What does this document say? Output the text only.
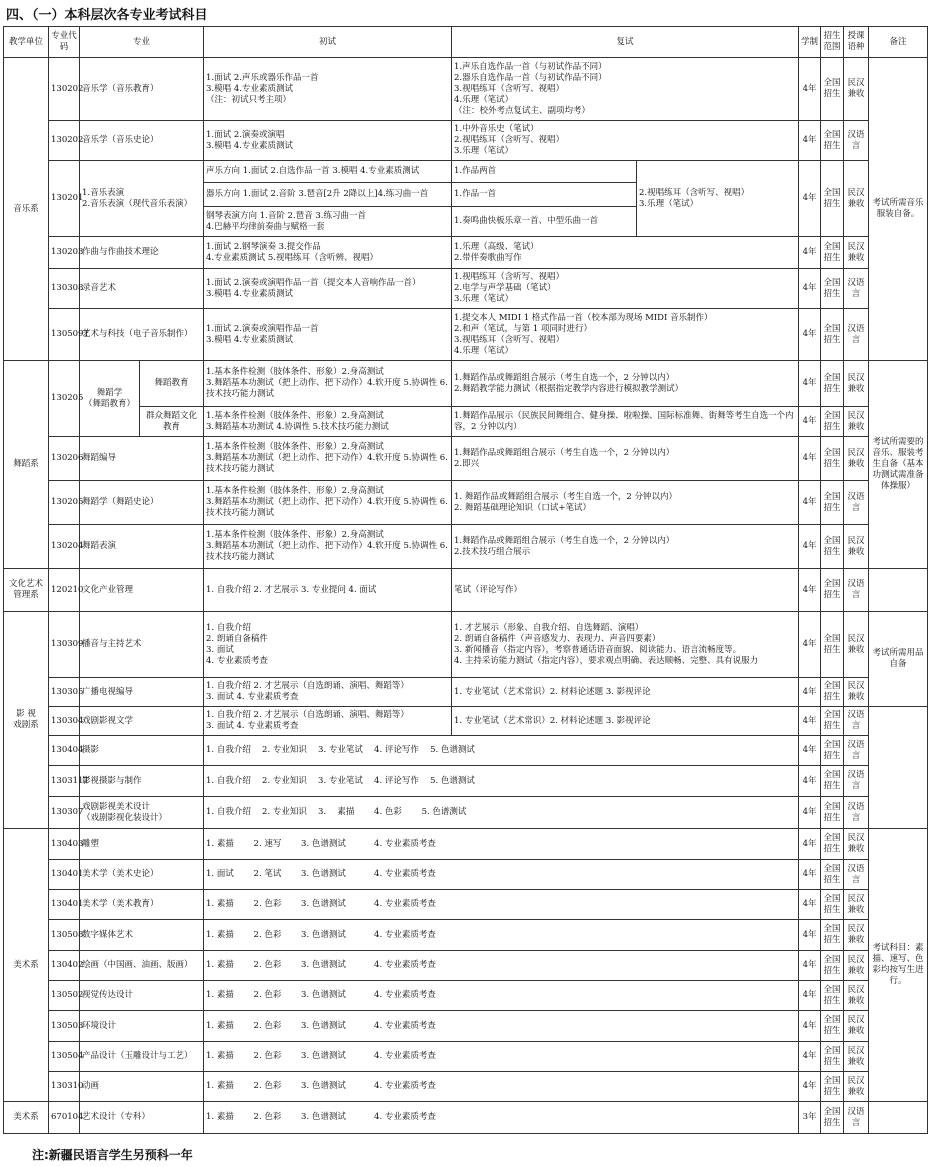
四、（一）本科层次各专业考试科目
教学单位	专业代码	专业		初试	复试		学制	招生范围	授课语种	备注
音乐系	130202	音乐学（音乐教育）		1.面试 2.声乐或器乐作品一首
3.模唱 4.专业素质测试
（注：初试只考主项）	1.声乐自选作品一首（与初试作品不同）
2.器乐自选作品一首（与初试作品不同）
3.视唱练耳（含听写、视唱）
4.乐理（笔试）
（注：校外考点复试主、副项均考）		4年	全国招生	民汉兼收	考试所需音乐服装自备。
	130202	音乐学（音乐史论）		1.面试 2.演奏或演唱
3.模唱 4.专业素质测试	1.中外音乐史（笔试）
2.视唱练耳（含听写、视唱）
3.乐理（笔试）		4年	全国招生	汉语言	
	130201	1.音乐表演
2.音乐表演（现代音乐表演）		声乐方向 1.面试 2.自选作品一首 3.模唱 4.专业素质测试	1.作品两首	2.视唱练耳（含听写、视唱）
3.乐理（笔试）	4年	全国招生	民汉兼收	
				器乐方向 1.面试 2.音阶 3.琶音[2升 2降以上]4.练习曲一首	1.作品一首					
				钢琴表演方向 1.音阶 2.琶音 3.练习曲一首
4.巴赫平均律前奏曲与赋格一套	1.奏鸣曲快板乐章一首、中型乐曲一首					
	130203	作曲与作曲技术理论		1.面试 2.钢琴演奏 3.提交作品
4.专业素质测试 5.视唱练耳（含听辨、视唱）	1.乐理（高级、笔试）
2.带伴奏歌曲写作		4年	全国招生	民汉兼收	
	130308	录音艺术		1.面试 2.演奏或演唱作品一首（提交本人音响作品一首）
3.模唱 4.专业素质测试	1.视唱练耳（含听写、视唱）
2.电学与声学基础（笔试）
3.乐理（笔试）		4年	全国招生	汉语言	
	130509T	艺术与科技（电子音乐制作）		1.面试 2.演奏或演唱作品一首
3.模唱 4.专业素质测试	1.提交本人 MIDI 1 格式作品一首（校本部为现场 MIDI 音乐制作）
2.和声（笔试，与第 1 项同时进行）
3.视唱练耳（含听写、视唱）
4.乐理（笔试）		4年	全国招生	汉语言	
舞蹈系	130205	舞蹈学
（舞蹈教育）	舞蹈教育	1.基本条件检测（肢体条件、形象）2.身高测试
3.舞蹈基本功测试（把上动作、把下动作）4.软开度 5.协调性 6.技术技巧能力测试	1.舞蹈作品或舞蹈组合展示（考生自选一个，2 分钟以内）
2.舞蹈教学能力测试（根据指定教学内容进行模拟教学测试）		4年	全国招生	民汉兼收	考试所需要的音乐、服装考生自备（基本功测试需准备体操服）
			群众舞蹈文化教育	1.基本条件检测（肢体条件、形象）2.身高测试
3.舞蹈基本功测试 4.协调性 5.技术技巧能力测试	1.舞蹈作品展示（民族民间舞组合、健身操、啦啦操、国际标准舞、街舞等考生自选一个内容，2 分钟以内）		4年	全国招生	民汉兼收	
	130206	舞蹈编导		1.基本条件检测（肢体条件、形象）2.身高测试
3.舞蹈基本功测试（把上动作、把下动作）4.软开度 5.协调性 6.技术技巧能力测试	1.舞蹈作品或舞蹈组合展示（考生自选一个，2 分钟以内）
2.即兴		4年	全国招生	民汉兼收	
	130205	舞蹈学（舞蹈史论）		1.基本条件检测（肢体条件、形象）2.身高测试
3.舞蹈基本功测试（把上动作、把下动作）4.软开度 5.协调性 6.技术技巧能力测试	1. 舞蹈作品或舞蹈组合展示（考生自选一个，2 分钟以内）
2. 舞蹈基础理论知识（口试+笔试）		4年	全国招生	汉语言	
	130204	舞蹈表演		1.基本条件检测（肢体条件、形象）2.身高测试
3.舞蹈基本功测试（把上动作、把下动作）4.软开度 5.协调性 6.技术技巧能力测试	1.舞蹈作品或舞蹈组合展示（考生自选一个，2 分钟以内）
2.技术技巧组合展示		4年	全国招生	民汉兼收	
文化艺术管理系	120210	文化产业管理		1. 自我介绍 2. 才艺展示 3. 专业提问 4. 面试	笔试（评论写作）		4年	全国招生	汉语言	
影 视
戏剧系	130309	播音与主持艺术		1. 自我介绍
2. 朗诵自备稿件
3. 面试
4. 专业素质考查	1. 才艺展示（形象、自我介绍、自选舞蹈、演唱）
2. 朗诵自备稿件（声音感发力、表现力、声音四要素）
3. 新闻播音（指定内容），考察普通话语音面貌、阅读能力、语言流畅度等。
4. 主持采访能力测试（指定内容），要求观点明确、表达顺畅、完整、具有说服力		4年	全国招生	民汉兼收	考试所需用品自备
	130305	广播电视编导		1. 自我介绍 2. 才艺展示（自选朗诵、演唱、舞蹈等）
3. 面试 4. 专业素质考查	1. 专业笔试（艺术常识）2. 材料论述题 3. 影视评论		4年	全国招生	民汉兼收	
	130304	戏剧影视文学		1. 自我介绍 2. 才艺展示（自选朗诵、演唱、舞蹈等）
3. 面试 4. 专业素质考查	1. 专业笔试（艺术常识）2. 材料论述题 3. 影视评论		4年	全国招生	汉语言	
	130404	摄影		1. 自我介绍　 2. 专业知识　 3. 专业笔试　 4. 评论写作　 5. 色谱测试			4年	全国招生	汉语言	
	130311T	影视摄影与制作		1. 自我介绍　 2. 专业知识　 3. 专业笔试　 4. 评论写作　 5. 色谱测试			4年	全国招生	汉语言	
	130307	戏剧影视美术设计
（戏剧影视化装设计）		1. 自我介绍　 2. 专业知识　 3.　 素描　　 4. 色彩　　 5. 色谱测试			4年	全国招生	汉语言	
美术系	130403	雕塑		1. 素描　　 2. 速写　　 3. 色谱测试　　　 4. 专业素质考查			4年	全国招生	民汉兼收	考试科目：素描、速写、色彩均按写生进行。
	130401	美术学（美术史论）		1. 面试　　 2. 笔试　　 3. 色谱测试　　　 4. 专业素质考查			4年	全国招生	汉语言	
	130401	美术学（美术教育）		1. 素描　　 2. 色彩　　 3. 色谱测试　　　 4. 专业素质考查			4年	全国招生	民汉兼收	
	130508	数字媒体艺术		1. 素描　　 2. 色彩　　 3. 色谱测试　　　 4. 专业素质考查			4年	全国招生	民汉兼收	
	130402	绘画（中国画、油画、版画）		1. 素描　　 2. 色彩　　 3. 色谱测试　　　 4. 专业素质考查			4年	全国招生	民汉兼收	
	130502	视觉传达设计		1. 素描　　 2. 色彩　　 3. 色谱测试　　　 4. 专业素质考查			4年	全国招生	民汉兼收	
	130503	环境设计		1. 素描　　 2. 色彩　　 3. 色谱测试　　　 4. 专业素质考查			4年	全国招生	民汉兼收	
	130504	产品设计（玉雕设计与工艺）		1. 素描　　 2. 色彩　　 3. 色谱测试　　　 4. 专业素质考查			4年	全国招生	民汉兼收	
	130310	动画		1. 素描　　 2. 色彩　　 3. 色谱测试　　　 4. 专业素质考查			4年	全国招生	民汉兼收	
美术系	670104	艺术设计（专科）		1. 素描　　 2. 色彩　　 3. 色谱测试　　　 4. 专业素质考查			3年	全国招生	汉语言	
注:新疆民语言学生另预科一年
